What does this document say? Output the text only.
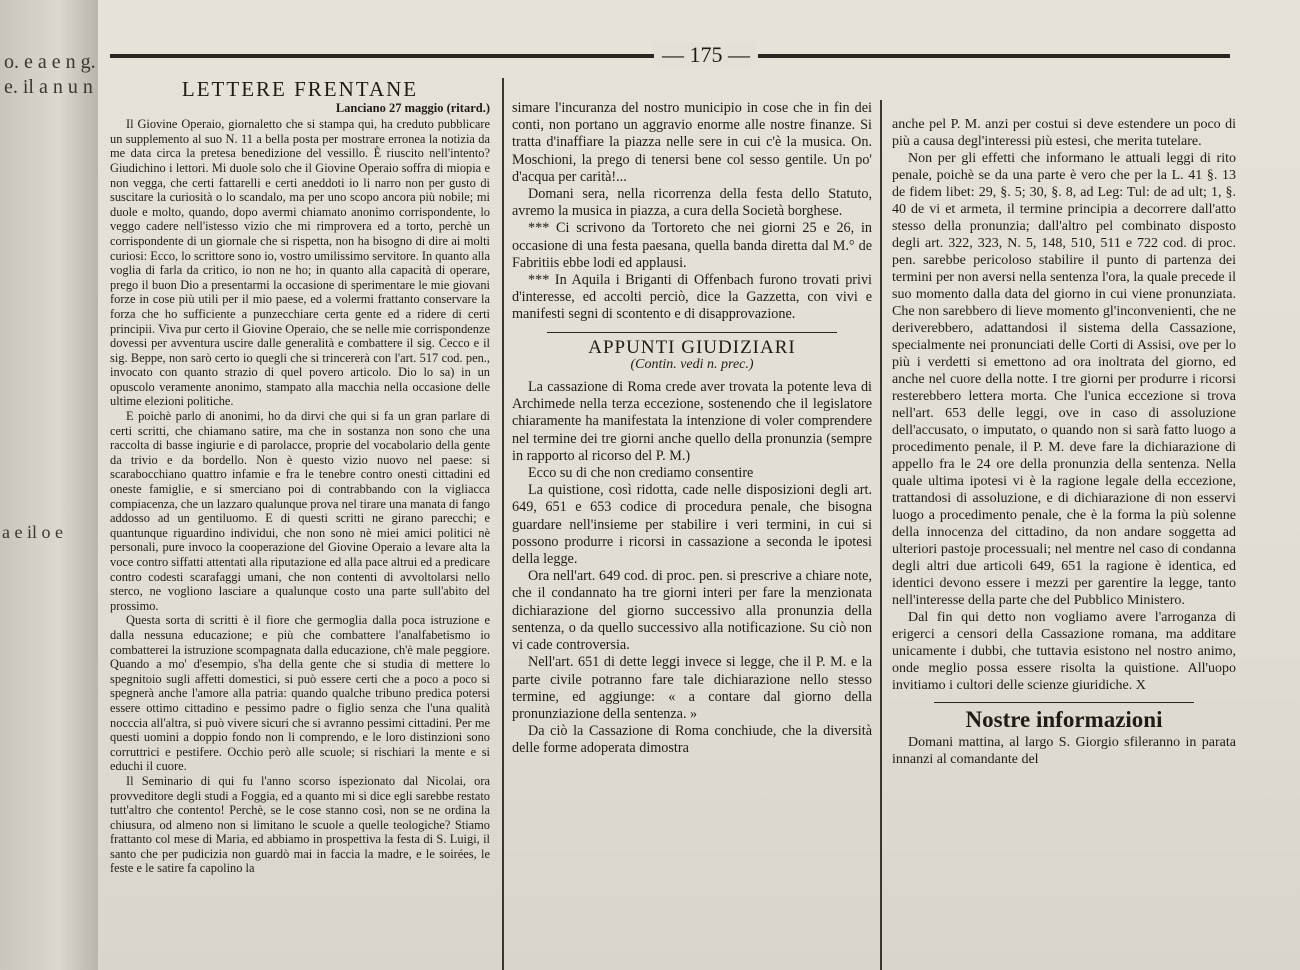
o. e a e n g. e. il a n u n
a e il o e
— 175 —
LETTERE FRENTANE
Lanciano 27 maggio (ritard.)

Il Giovine Operaio, giornaletto che si stampa qui, ha creduto pubblicare un supplemento al suo N. 11 a bella posta per mostrare erronea la notizia da me data circa la pretesa benedizione del vessillo. È riuscito nell'intento? Giudichino i lettori. Mi duole solo che il Giovine Operaio soffra di miopia e non vegga, che certi fattarelli e certi aneddoti io li narro non per gusto di suscitare la curiosità o lo scandalo, ma per uno scopo ancora più nobile; mi duole e molto, quando, dopo avermi chiamato anonimo corrispondente, lo veggo cadere nell'istesso vizio che mi rimprovera ed a torto, perchè un corrispondente di un giornale che si rispetta, non ha bisogno di dire ai molti curiosi: Ecco, lo scrittore sono io, vostro umilissimo servitore. In quanto alla voglia di farla da critico, io non ne ho; in quanto alla capacità di operare, prego il buon Dio a presentarmi la occasione di sperimentare le mie giovani forze in cose più utili per il mio paese, ed a volermi frattanto conservare la forza che ho sufficiente a punzecchiare certa gente ed a ridere di certi principii. Viva pur certo il Giovine Operaio, che se nelle mie corrispondenze dovessi per avventura uscire dalle generalità e combattere il sig. Cecco e il sig. Beppe, non sarò certo io quegli che si trincererà con l'art. 517 cod. pen., invocato con quanto strazio di quel povero articolo. Dio lo sa) in un opuscolo veramente anonimo, stampato alla macchia nella occasione delle ultime elezioni politiche.

E poichè parlo di anonimi, ho da dirvi che qui si fa un gran parlare di certi scritti, che chiamano satire, ma che in sostanza non sono che una raccolta di basse ingiurie e di parolacce, proprie del vocabolario della gente da trivio e da bordello. Non è questo vizio nuovo nel paese: si scarabocchiano quattro infamie e fra le tenebre contro onesti cittadini ed oneste famiglie, e si smerciano poi di contrabbando con la vigliacca compiacenza, che un lazzaro qualunque prova nel tirare una manata di fango addosso ad un gentiluomo. E di questi scritti ne girano parecchi; e quantunque riguardino individui, che non sono nè miei amici politici nè personali, pure invoco la cooperazione del Giovine Operaio a levare alta la voce contro siffatti attentati alla riputazione ed alla pace altrui ed a predicare contro codesti scarafaggi umani, che non contenti di avvoltolarsi nello sterco, ne vogliono lasciare a qualunque costo una parte sull'abito del prossimo.

Questa sorta di scritti è il fiore che germoglia dalla poca istruzione e dalla nessuna educazione; e più che combattere l'analfabetismo io combatterei la istruzione scompagnata dalla educazione, ch'è male peggiore. Quando a mo' d'esempio, s'ha della gente che si studia di mettere lo spegnitoio sugli affetti domestici, si può essere certi che a poco a poco si spegnerà anche l'amore alla patria: quando qualche tribuno predica potersi essere ottimo cittadino e pessimo padre o figlio senza che l'una qualità nocccia all'altra, si può vivere sicuri che si avranno pessimi cittadini. Per me questi uomini a doppio fondo non li comprendo, e le loro distinzioni sono corruttrici e pestifere. Occhio però alle scuole; si rischiari la mente e si educhi il cuore.

Il Seminario di qui fu l'anno scorso ispezionato dal Nicolai, ora provveditore degli studi a Foggia, ed a quanto mi si dice egli sarebbe restato tutt'altro che contento! Perchè, se le cose stanno così, non se ne ordina la chiusura, od almeno non si limitano le scuole a quelle teologiche? Stiamo frattanto col mese di Maria, ed abbiamo in prospettiva la festa di S. Luigi, il santo che per pudicizia non guardò mai in faccia la madre, e le soirées, le feste e le satire fa capolino la

simare l'incuranza del nostro municipio in cose che in fin dei conti, non portano un aggravio enorme alle nostre finanze. Si tratta d'inaffiare la piazza nelle sere in cui c'è la musica. On. Moschioni, la prego di tenersi bene col sesso gentile. Un po' d'acqua per carità!...

Domani sera, nella ricorrenza della festa dello Statuto, avremo la musica in piazza, a cura della Società borghese.

*** Ci scrivono da Tortoreto che nei giorni 25 e 26, in occasione di una festa paesana, quella banda diretta dal M.° de Fabritiis ebbe lodi ed applausi.

*** In Aquila i Briganti di Offenbach furono trovati privi d'interesse, ed accolti perciò, dice la Gazzetta, con vivi e manifesti segni di scontento e di disapprovazione.

APPUNTI GIUDIZIARI
(Contin. vedi n. prec.)

La cassazione di Roma crede aver trovata la potente leva di Archimede nella terza eccezione, sostenendo che il legislatore chiaramente ha manifestata la intenzione di voler comprendere nel termine dei tre giorni anche quello della pronunzia (sempre in rapporto al ricorso del P. M.)

Ecco su di che non crediamo consentire

La quistione, così ridotta, cade nelle disposizioni degli art. 649, 651 e 653 codice di procedura penale, che bisogna guardare nell'insieme per stabilire i veri termini, in cui si possono produrre i ricorsi in cassazione a seconda le ipotesi della legge.

Ora nell'art. 649 cod. di proc. pen. si prescrive a chiare note, che il condannato ha tre giorni interi per fare la menzionata dichiarazione del giorno successivo alla pronunzia della sentenza, o da quello successivo alla notificazione. Su ciò non vi cade controversia.

Nell'art. 651 di dette leggi invece si legge, che il P. M. e la parte civile potranno fare tale dichiarazione nello stesso termine, ed aggiunge: « a contare dal giorno della pronunziazione della sentenza. »

Da ciò la Cassazione di Roma conchiude, che la diversità delle forme adoperata dimostra

anche pel P. M. anzi per costui si deve estendere un poco di più a causa degl'interessi più estesi, che merita tutelare.

Non per gli effetti che informano le attuali leggi di rito penale, poichè se da una parte è vero che per la L. 41 §. 13 de fidem libet: 29, §. 5; 30, §. 8, ad Leg: Tul: de ad ult; 1, §. 40 de vi et armeta, il termine principia a decorrere dall'atto stesso della pronunzia; dall'altro pel combinato disposto degli art. 322, 323, N. 5, 148, 510, 511 e 722 cod. di proc. pen. sarebbe pericoloso stabilire il punto di partenza dei termini per non aversi nella sentenza l'ora, la quale precede il suo momento dalla data del giorno in cui viene pronunziata. Che non sarebbero di lieve momento gl'inconvenienti, che ne deriverebbero, adattandosi il sistema della Cassazione, specialmente nei pronunciati delle Corti di Assisi, ove per lo più i verdetti si emettono ad ora inoltrata del giorno, ed anche nel cuore della notte. I tre giorni per produrre i ricorsi resterebbero lettera morta. Che l'unica eccezione si trova nell'art. 653 delle leggi, ove in caso di assoluzione dell'accusato, o imputato, o quando non si sarà fatto luogo a procedimento penale, il P. M. deve fare la dichiarazione di appello fra le 24 ore della pronunzia della sentenza. Nella quale ultima ipotesi vi è la ragione legale della eccezione, trattandosi di assoluzione, e di dichiarazione di non esservi luogo a procedimento penale, che è la forma la più solenne della innocenza del cittadino, da non andare soggetta ad ulteriori pastoje processuali; nel mentre nel caso di condanna degli altri due articoli 649, 651 la ragione è identica, ed identici devono essere i mezzi per garentire la legge, tanto nell'interesse della parte che del Pubblico Ministero.

Dal fin qui detto non vogliamo avere l'arroganza di erigerci a censori della Cassazione romana, ma additare unicamente i dubbi, che tuttavia esistono nel nostro animo, onde meglio possa essere risolta la quistione. All'uopo invitiamo i cultori delle scienze giuridiche. X

Nostre informazioni

Domani mattina, al largo S. Giorgio sfileranno in parata innanzi al comandante del
